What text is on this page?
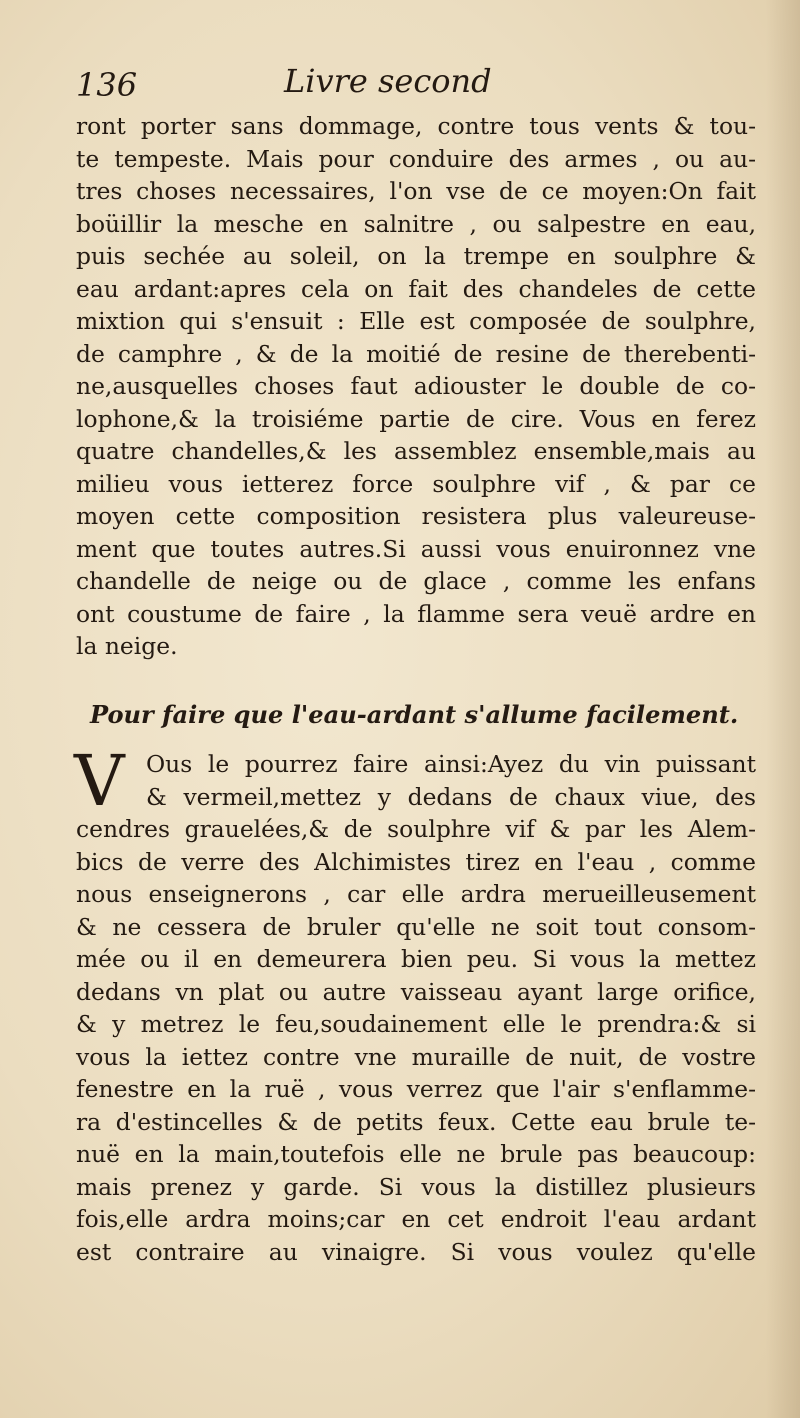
136	Livre second
ront porter sans dommage, contre tous vents & tou-
te tempeste. Mais pour conduire des armes , ou au-
tres choses necessaires, l'on vse de ce moyen:On fait
boüillir la mesche en salnitre , ou salpestre en eau,
puis sechée au soleil, on la trempe en soulphre &
eau ardant:apres cela on fait des chandeles de cette
mixtion qui s'ensuit : Elle est composée de soulphre,
de camphre , & de la moitié de resine de therebenti-
ne,ausquelles choses faut adiouster le double de co-
lophone,& la troisiéme partie de cire. Vous en ferez
quatre chandelles,& les assemblez ensemble,mais au
milieu vous ietterez force soulphre vif , & par ce
moyen cette composition resistera plus valeureuse-
ment que toutes autres.Si aussi vous enuironnez vne
chandelle de neige ou de glace , comme les enfans
ont coustume de faire , la flamme sera veuë ardre en
la neige.
Pour faire que l'eau-ardant s'allume facilement.
V Ous le pourrez faire ainsi:Ayez du vin puissant
& vermeil,mettez y dedans de chaux viue, des
cendres grauelées,& de soulphre vif & par les Alem-
bics de verre des Alchimistes tirez en l'eau , comme
nous enseignerons , car elle ardra merueilleusement
& ne cessera de bruler qu'elle ne soit tout consom-
mée ou il en demeurera bien peu. Si vous la mettez
dedans vn plat ou autre vaisseau ayant large orifice,
& y metrez le feu,soudainement elle le prendra:& si
vous la iettez contre vne muraille de nuit, de vostre
fenestre en la ruë , vous verrez que l'air s'enflamme-
ra d'estincelles & de petits feux. Cette eau brule te-
nuë en la main,toutefois elle ne brule pas beaucoup:
mais prenez y garde. Si vous la distillez plusieurs
fois,elle ardra moins;car en cet endroit l'eau ardant
est contraire au vinaigre. Si vous voulez qu'elle
